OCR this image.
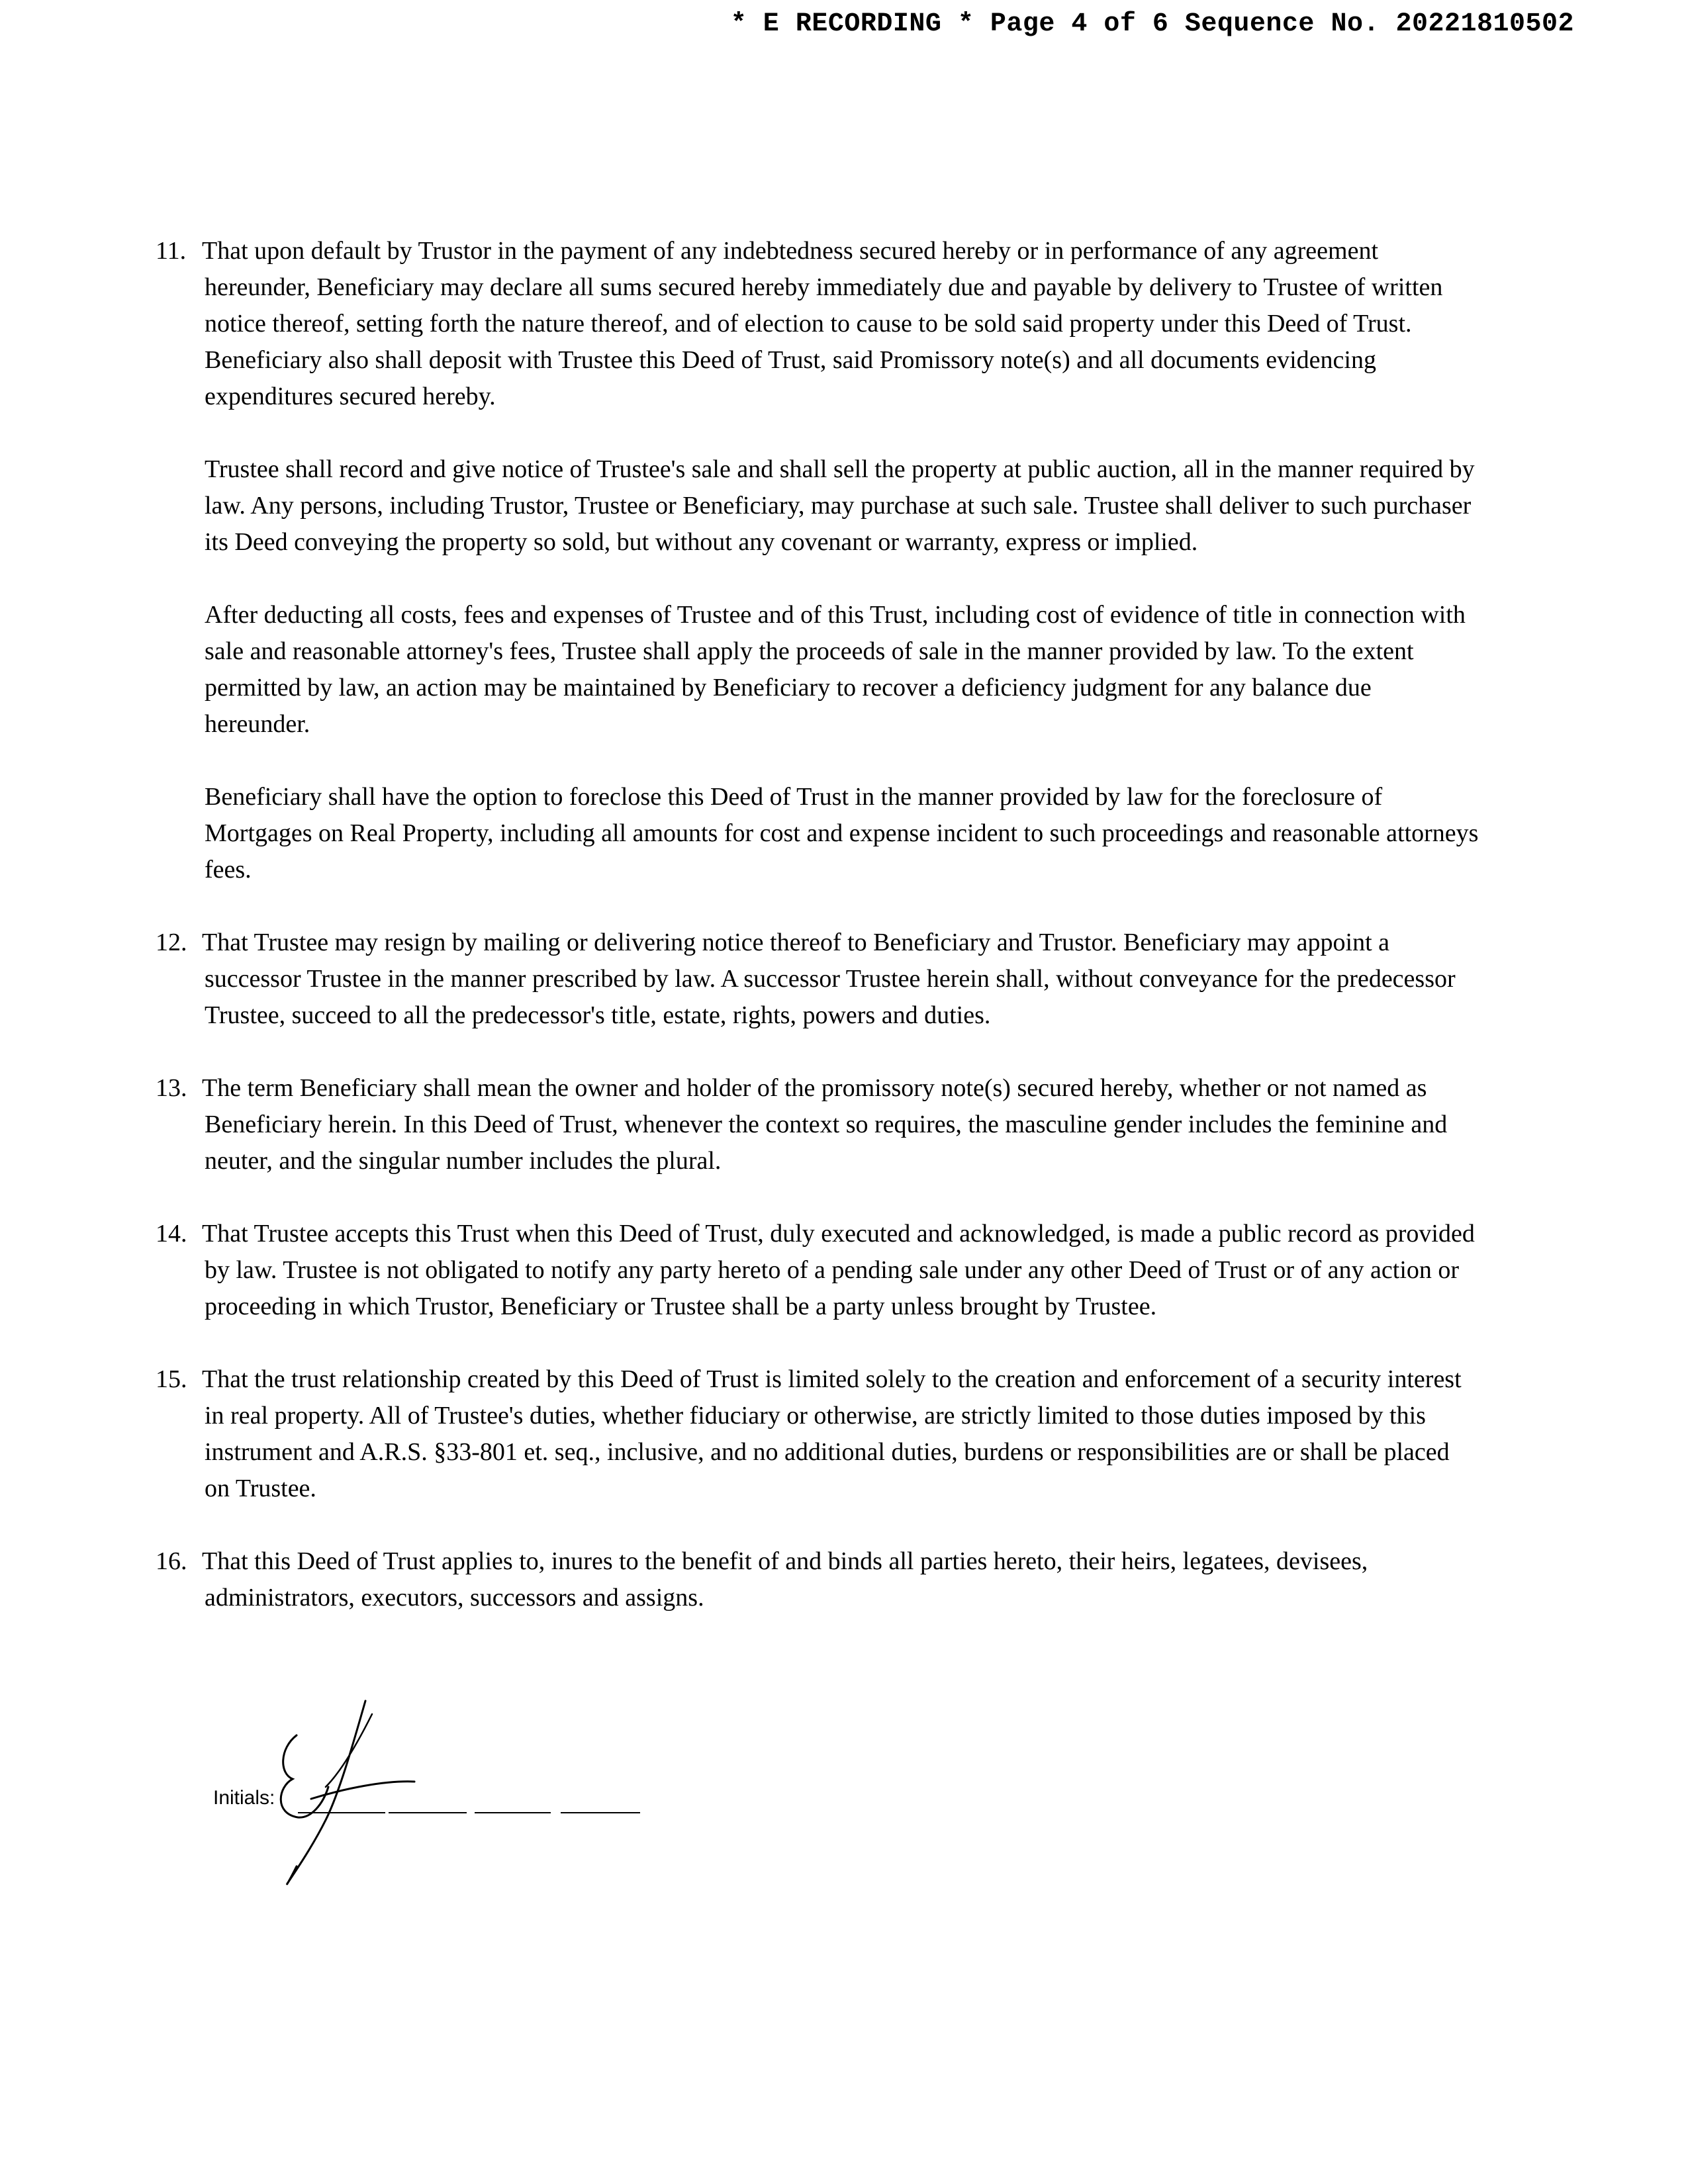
* E RECORDING * Page 4 of 6 Sequence No. 20221810502
11. That upon default by Trustor in the payment of any indebtedness secured hereby or in performance of any agreement hereunder, Beneficiary may declare all sums secured hereby immediately due and payable by delivery to Trustee of written notice thereof, setting forth the nature thereof, and of election to cause to be sold said property under this Deed of Trust. Beneficiary also shall deposit with Trustee this Deed of Trust, said Promissory note(s) and all documents evidencing expenditures secured hereby.

Trustee shall record and give notice of Trustee's sale and shall sell the property at public auction, all in the manner required by law. Any persons, including Trustor, Trustee or Beneficiary, may purchase at such sale. Trustee shall deliver to such purchaser its Deed conveying the property so sold, but without any covenant or warranty, express or implied.

After deducting all costs, fees and expenses of Trustee and of this Trust, including cost of evidence of title in connection with sale and reasonable attorney's fees, Trustee shall apply the proceeds of sale in the manner provided by law. To the extent permitted by law, an action may be maintained by Beneficiary to recover a deficiency judgment for any balance due hereunder.

Beneficiary shall have the option to foreclose this Deed of Trust in the manner provided by law for the foreclosure of Mortgages on Real Property, including all amounts for cost and expense incident to such proceedings and reasonable attorneys fees.

12. That Trustee may resign by mailing or delivering notice thereof to Beneficiary and Trustor. Beneficiary may appoint a successor Trustee in the manner prescribed by law. A successor Trustee herein shall, without conveyance for the predecessor Trustee, succeed to all the predecessor's title, estate, rights, powers and duties.
13. The term Beneficiary shall mean the owner and holder of the promissory note(s) secured hereby, whether or not named as Beneficiary herein. In this Deed of Trust, whenever the context so requires, the masculine gender includes the feminine and neuter, and the singular number includes the plural.
14. That Trustee accepts this Trust when this Deed of Trust, duly executed and acknowledged, is made a public record as provided by law. Trustee is not obligated to notify any party hereto of a pending sale under any other Deed of Trust or of any action or proceeding in which Trustor, Beneficiary or Trustee shall be a party unless brought by Trustee.
15. That the trust relationship created by this Deed of Trust is limited solely to the creation and enforcement of a security interest in real property. All of Trustee's duties, whether fiduciary or otherwise, are strictly limited to those duties imposed by this instrument and A.R.S. §33-801 et. seq., inclusive, and no additional duties, burdens or responsibilities are or shall be placed on Trustee.
16. That this Deed of Trust applies to, inures to the benefit of and binds all parties hereto, their heirs, legatees, devisees, administrators, executors, successors and assigns.
Initials:
